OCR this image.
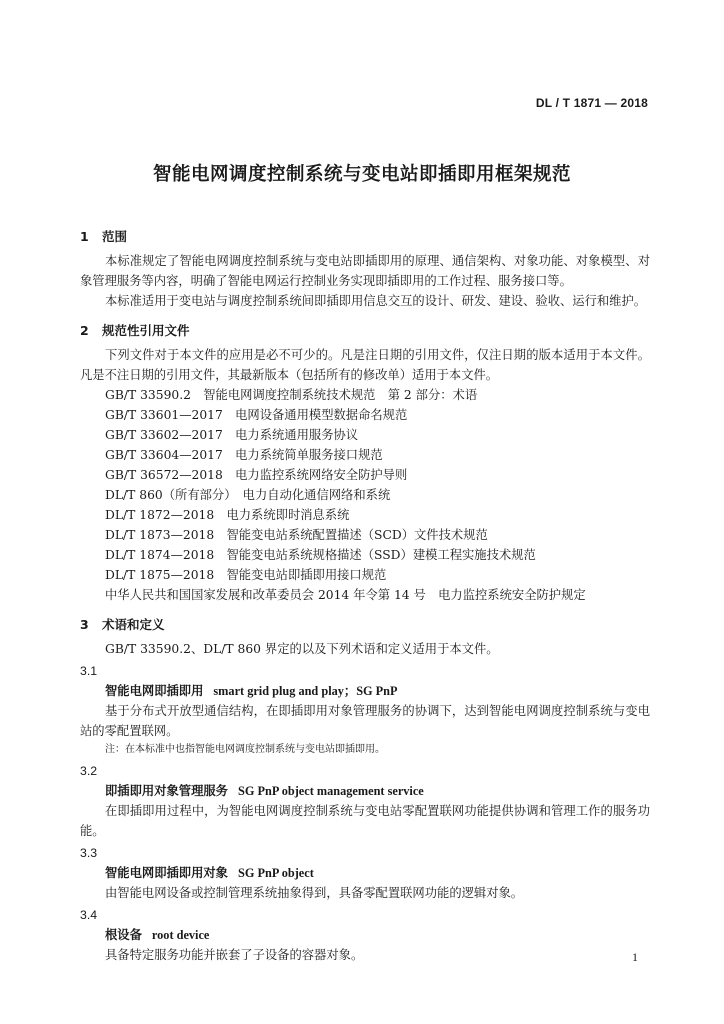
DL / T 1871 — 2018
智能电网调度控制系统与变电站即插即用框架规范
1 范围

本标准规定了智能电网调度控制系统与变电站即插即用的原理、通信架构、对象功能、对象模型、对象管理服务等内容，明确了智能电网运行控制业务实现即插即用的工作过程、服务接口等。

本标准适用于变电站与调度控制系统间即插即用信息交互的设计、研发、建设、验收、运行和维护。

2 规范性引用文件

下列文件对于本文件的应用是必不可少的。凡是注日期的引用文件，仅注日期的版本适用于本文件。凡是不注日期的引用文件，其最新版本（包括所有的修改单）适用于本文件。

GB/T 33590.2　智能电网调度控制系统技术规范　第 2 部分：术语

GB/T 33601—2017　电网设备通用模型数据命名规范

GB/T 33602—2017　电力系统通用服务协议

GB/T 33604—2017　电力系统简单服务接口规范

GB/T 36572—2018　电力监控系统网络安全防护导则

DL/T 860（所有部分）　电力自动化通信网络和系统

DL/T 1872—2018　电力系统即时消息系统

DL/T 1873—2018　智能变电站系统配置描述（SCD）文件技术规范

DL/T 1874—2018　智能变电站系统规格描述（SSD）建模工程实施技术规范

DL/T 1875—2018　智能变电站即插即用接口规范

中华人民共和国国家发展和改革委员会 2014 年令第 14 号　电力监控系统安全防护规定

3 术语和定义

GB/T 33590.2、DL/T 860 界定的以及下列术语和定义适用于本文件。

3.1

智能电网即插即用 smart grid plug and play；SG PnP

基于分布式开放型通信结构，在即插即用对象管理服务的协调下，达到智能电网调度控制系统与变电站的零配置联网。

注：在本标准中也指智能电网调度控制系统与变电站即插即用。

3.2

即插即用对象管理服务 SG PnP object management service

在即插即用过程中，为智能电网调度控制系统与变电站零配置联网功能提供协调和管理工作的服务功能。

3.3

智能电网即插即用对象 SG PnP object

由智能电网设备或控制管理系统抽象得到，具备零配置联网功能的逻辑对象。

3.4

根设备 root device

具备特定服务功能并嵌套了子设备的容器对象。	1
